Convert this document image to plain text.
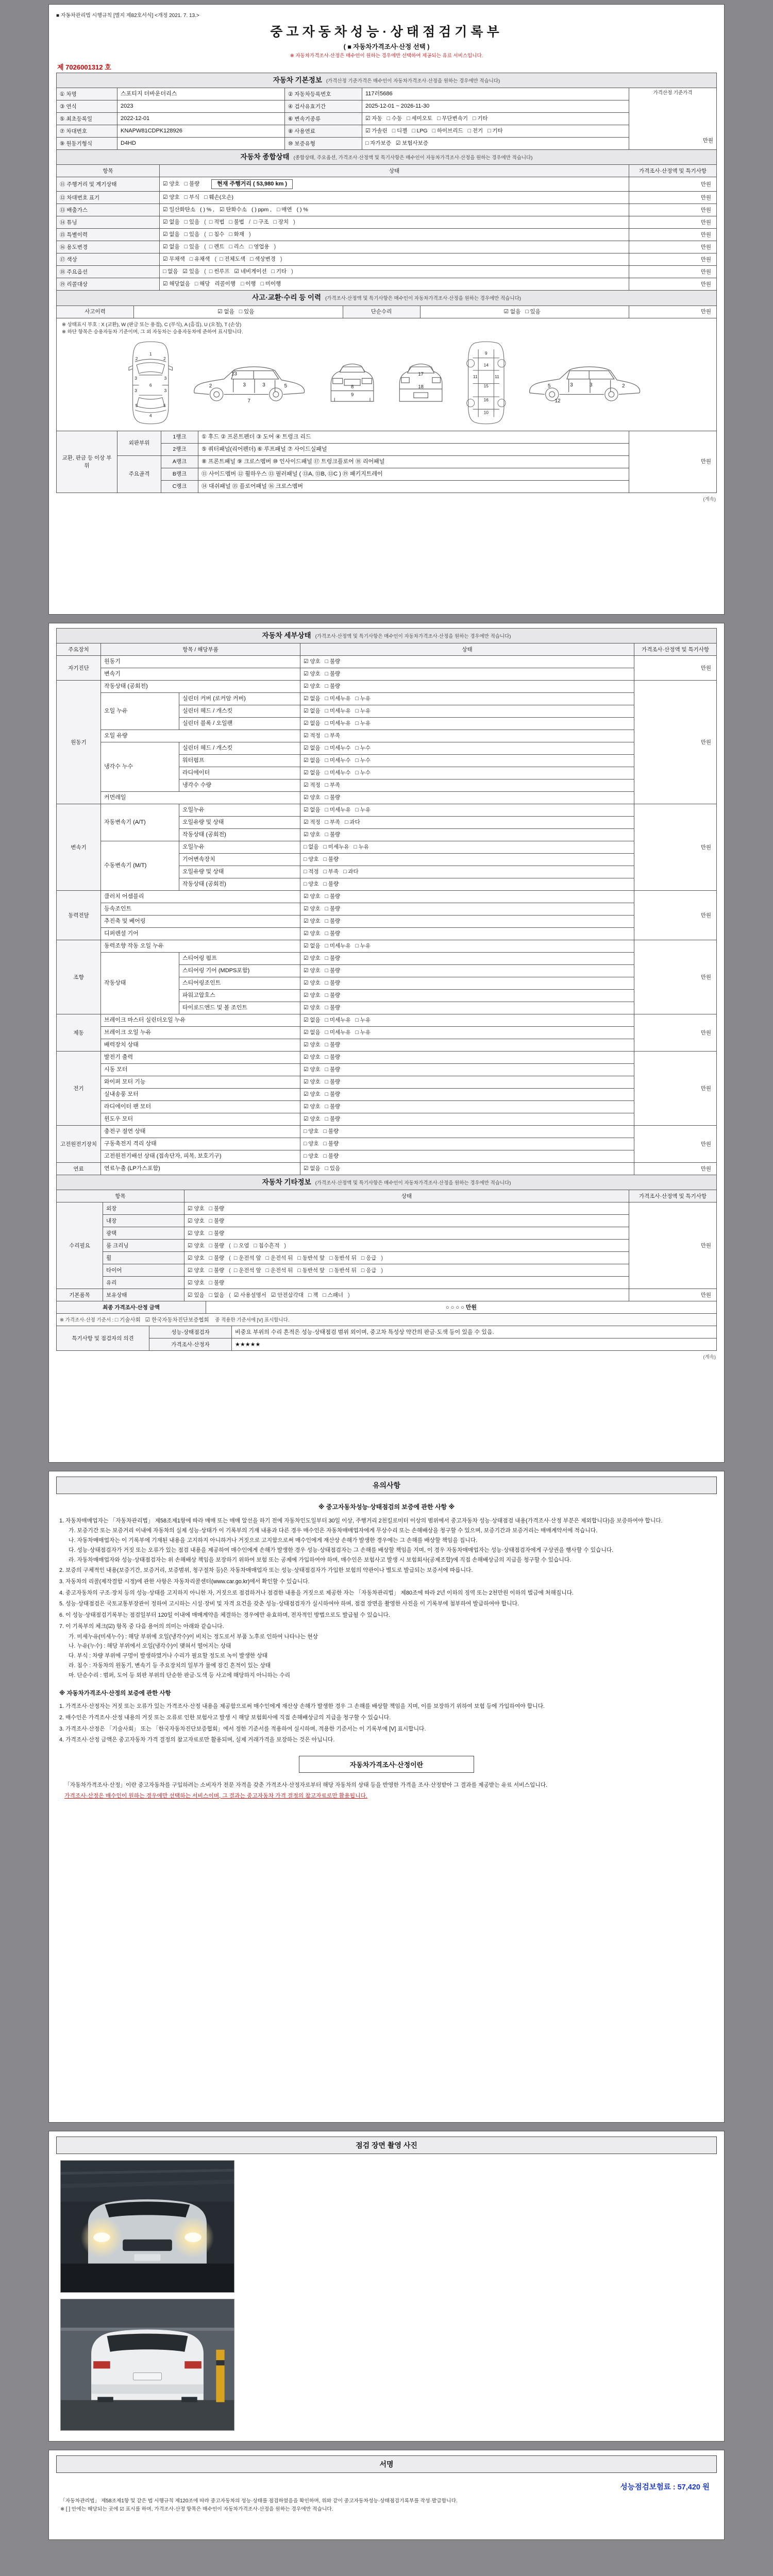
■ 자동차관리법 시행규칙 [별지 제82호서식] <개정 2021. 7. 13.>
중고자동차성능·상태점검기록부
( ■ 자동차가격조사·산정 선택 )
※ 자동차가격조사·산정은 매수인이 원하는 경우에만 선택하여 제공되는 유료 서비스입니다.
제 7026001312 호
자동차 기본정보 (가격산정 기준가격은 매수인이 자동차가격조사·산정을 원하는 경우에만 적습니다)				
① 차명	스포티지 더바운더리스	② 자동차등록번호	117러5686	가격산정 기준가격
만원

③ 연식	2023	④ 검사유효기간	2025-12-01 ~ 2026-11-30	
⑤ 최초등록일	2022-12-01	⑥ 변속기종류	☑ 자동 □ 수동 □ 세미오토 □ 무단변속기 □ 기타	
⑦ 차대번호	KNAPW81CDPK128926	⑧ 사용연료	☑ 가솔린 □ 디젤 □ LPG □ 하이브리드 □ 전기 □ 기타	
⑨ 원동기형식	D4HD	⑩ 보증유형	□ 자가보증 ☑ 보험사보증	
자동차 종합상태 (종합상태, 주요옵션, 가격조사·산정액 및 특기사항은 매수인이 자동차가격조사·산정을 원하는 경우에만 적습니다)		
항목	상태	가격조사·산정액 및 특기사항
⑪ 주행거리 및 계기상태	☑ 양호 □ 불량 현재 주행거리 ( 53,980 km )	만원
⑫ 차대번호 표기	☑ 양호 □ 부식 □ 훼손(오손)	만원
⑬ 배출가스	☑ 일산화탄소 ( ) % , ☑ 탄화수소 ( ) ppm , □ 매연 ( ) %	만원
⑭ 튜닝	☑ 없음 □ 있음 ( □ 적법 □ 불법 / □ 구조 □ 장치 )	만원
⑮ 특별이력	☑ 없음 □ 있음 ( □ 침수 □ 화재 )	만원
⑯ 용도변경	☑ 없음 □ 있음 ( □ 렌트 □ 리스 □ 영업용 )	만원
⑰ 색상	☑ 무채색 □ 유채색 ( □ 전체도색 □ 색상변경 )	만원
⑱ 주요옵션	□ 없음 ☑ 있음 ( □ 썬루프 ☑ 네비게이션 □ 기타 )	만원
⑲ 리콜대상	☑ 해당없음 □ 해당 리콜이행 □ 이행 □ 미이행	만원
사고·교환·수리 등 이력 (가격조사·산정액 및 특기사항은 매수인이 자동차가격조사·산정을 원하는 경우에만 적습니다)
사고이력	☑ 없음 □ 있음	단순수리	☑ 없음 □ 있음	만원
※ 상태표시 부호 : X (교환), W (판금 또는 용접), C (부식), A (흠집), U (요철), T (손상)
※ 하단 항목은 승용자동차 기준이며, 그 외 자동차는 승용자동차에 준하여 표시합니다.
1
2	2
3	3
3	3
6
5	5
4
2	3	3	5
7
13
8
9
17
18
9
14
11	11
15
16
10
5	3	3	2
12
교환, 판금 등 이상 부위	외판부위	1랭크	① 후드 ② 프론트펜더 ③ 도어 ④ 트렁크 리드	만원
		2랭크	⑤ 쿼터패널(리어펜더) ⑥ 루프패널 ⑦ 사이드실패널	
	주요골격	A랭크	⑧ 프론트패널 ⑨ 크로스멤버 ⑩ 인사이드패널 ⑰ 트렁크플로어 ⑱ 리어패널	
		B랭크	⑪ 사이드멤버 ⑫ 휠하우스 ⑬ 필러패널 ( ⑬A, ⑬B, ⑬C ) ⑲ 패키지트레이	
		C랭크	⑭ 대쉬패널 ⑮ 플로어패널 ⑯ 크로스멤버	
(계속)
자동차 세부상태 (가격조사·산정액 및 특기사항은 매수인이 자동차가격조사·산정을 원하는 경우에만 적습니다)				
주요장치	항목 / 해당부품		상태	가격조사·산정액 및 특기사항
자기진단	원동기		☑ 양호 □ 불량	만원
	변속기		☑ 양호 □ 불량	
원동기	작동상태 (공회전)		☑ 양호 □ 불량	만원
	오일 누유	실린더 커버 (로커암 커버)	☑ 없음 □ 미세누유 □ 누유	
		실린더 헤드 / 개스킷	☑ 없음 □ 미세누유 □ 누유	
		실린더 블록 / 오일팬	☑ 없음 □ 미세누유 □ 누유	
	오일 유량		☑ 적정 □ 부족	
	냉각수 누수	실린더 헤드 / 개스킷	☑ 없음 □ 미세누수 □ 누수	
		워터펌프	☑ 없음 □ 미세누수 □ 누수	
		라디에이터	☑ 없음 □ 미세누수 □ 누수	
		냉각수 수량	☑ 적정 □ 부족	
	커먼레일		☑ 양호 □ 불량	
변속기	자동변속기 (A/T)	오일누유	☑ 없음 □ 미세누유 □ 누유	만원
		오일유량 및 상태	☑ 적정 □ 부족 □ 과다	
		작동상태 (공회전)	☑ 양호 □ 불량	
	수동변속기 (M/T)	오일누유	□ 없음 □ 미세누유 □ 누유	
		기어변속장치	□ 양호 □ 불량	
		오일유량 및 상태	□ 적정 □ 부족 □ 과다	
		작동상태 (공회전)	□ 양호 □ 불량	
동력전달	클러치 어셈블리		☑ 양호 □ 불량	만원
	등속조인트		☑ 양호 □ 불량	
	추진축 및 베어링		☑ 양호 □ 불량	
	디퍼렌셜 기어		☑ 양호 □ 불량	
조향	동력조향 작동 오일 누유		☑ 없음 □ 미세누유 □ 누유	만원
	작동상태	스티어링 펌프	☑ 양호 □ 불량	
		스티어링 기어 (MDPS포함)	☑ 양호 □ 불량	
		스티어링조인트	☑ 양호 □ 불량	
		파워고압호스	☑ 양호 □ 불량	
		타이로드엔드 및 볼 조인트	☑ 양호 □ 불량	
제동	브레이크 마스터 실린더오일 누유		☑ 없음 □ 미세누유 □ 누유	만원
	브레이크 오일 누유		☑ 없음 □ 미세누유 □ 누유	
	배력장치 상태		☑ 양호 □ 불량	
전기	발전기 출력		☑ 양호 □ 불량	만원
	시동 모터		☑ 양호 □ 불량	
	와이퍼 모터 기능		☑ 양호 □ 불량	
	실내송풍 모터		☑ 양호 □ 불량	
	라디에이터 팬 모터		☑ 양호 □ 불량	
	윈도우 모터		☑ 양호 □ 불량	
고전원전기장치	충전구 절연 상태		□ 양호 □ 불량	만원
	구동축전지 격리 상태		□ 양호 □ 불량	
	고전원전기배선 상태 (접속단자, 피복, 보호기구)		□ 양호 □ 불량	
연료	연료누출 (LP가스포함)		☑ 없음 □ 있음	만원
자동차 기타정보 (가격조사·산정액 및 특기사항은 매수인이 자동차가격조사·산정을 원하는 경우에만 적습니다)			
항목		상태	가격조사·산정액 및 특기사항
수리필요	외장	☑ 양호 □ 불량	만원
	내장	☑ 양호 □ 불량	
	광택	☑ 양호 □ 불량	
	룸 크리닝	☑ 양호 □ 불량 ( □ 오염 □ 침수흔적 )	
	휠	☑ 양호 □ 불량 ( □ 운전석 앞 □ 운전석 뒤 □ 동반석 앞 □ 동반석 뒤 □ 응급 )	
	타이어	☑ 양호 □ 불량 ( □ 운전석 앞 □ 운전석 뒤 □ 동반석 앞 □ 동반석 뒤 □ 응급 )	
	유리	☑ 양호 □ 불량	
기본품목	보유상태	☑ 있음 □ 없음 ( ☑ 사용설명서 ☑ 안전삼각대 □ 잭 □ 스패너 )	만원
최종 가격조사·산정 금액	○ ○ ○ ○ 만원
※ 가격조사·산정 기준서 : □ 기술사회 ☑ 한국자동차진단보증협회 중 적용한 기준서에 [V] 표시합니다.
특기사항 및 점검자의 의견	성능·상태점검자	비중요 부위의 수리 흔적은 성능·상태점검 범위 외이며, 중고차 특성상 약간의 판금·도색 등이 있을 수 있음.
	가격조사·산정자	★★★★★
(계속)
유의사항
※ 중고자동차성능·상태점검의 보증에 관한 사항 ※
1. 자동차매매업자는 「자동차관리법」 제58조제1항에 따라 매매 또는 매매 알선을 하기 전에 자동차인도일부터 30일 이상, 주행거리 2천킬로미터 이상의 범위에서 중고자동차 성능·상태점검 내용(가격조사·산정 부분은 제외합니다)을 보증하여야 합니다.
가. 보증기간 또는 보증거리 이내에 자동차의 실제 성능·상태가 이 기록부의 기재 내용과 다른 경우 매수인은 자동차매매업자에게 무상수리 또는 손해배상을 청구할 수 있으며, 보증기간과 보증거리는 매매계약서에 적습니다.
나. 자동차매매업자는 이 기록부에 기재된 내용을 고지하지 아니하거나 거짓으로 고지함으로써 매수인에게 재산상 손해가 발생한 경우에는 그 손해를 배상할 책임을 집니다.
다. 성능·상태점검자가 거짓 또는 오류가 있는 점검 내용을 제공하여 매수인에게 손해가 발생한 경우 성능·상태점검자는 그 손해를 배상할 책임을 지며, 이 경우 자동차매매업자는 성능·상태점검자에게 구상권을 행사할 수 있습니다.
라. 자동차매매업자와 성능·상태점검자는 위 손해배상 책임을 보장하기 위하여 보험 또는 공제에 가입하여야 하며, 매수인은 보험사고 발생 시 보험회사(공제조합)에 직접 손해배상금의 지급을 청구할 수 있습니다.
2. 보증의 구체적인 내용(보증기간, 보증거리, 보증범위, 청구절차 등)은 자동차매매업자 또는 성능·상태점검자가 가입한 보험의 약관이나 별도로 발급되는 보증서에 따릅니다.
3. 자동차의 리콜(제작결함 시정)에 관한 사항은 자동차리콜센터(www.car.go.kr)에서 확인할 수 있습니다.
4. 중고자동차의 구조·장치 등의 성능·상태를 고지하지 아니한 자, 거짓으로 점검하거나 점검한 내용을 거짓으로 제공한 자는 「자동차관리법」 제80조에 따라 2년 이하의 징역 또는 2천만원 이하의 벌금에 처해집니다.
5. 성능·상태점검은 국토교통부장관이 정하여 고시하는 시설·장비 및 자격 요건을 갖춘 성능·상태점검자가 실시하여야 하며, 점검 장면을 촬영한 사진을 이 기록부에 첨부하여 발급하여야 합니다.
6. 이 성능·상태점검기록부는 점검일부터 120일 이내에 매매계약을 체결하는 경우에만 유효하며, 전자적인 방법으로도 발급될 수 있습니다.
7. 이 기록부의 체크(☑) 항목 중 다음 용어의 의미는 아래와 같습니다.
가. 미세누유(미세누수) : 해당 부위에 오일(냉각수)이 비치는 정도로서 부품 노후로 인하여 나타나는 현상
나. 누유(누수) : 해당 부위에서 오일(냉각수)이 맺혀서 떨어지는 상태
다. 부식 : 차량 부위에 구멍이 발생하였거나 수리가 필요할 정도로 녹이 발생한 상태
라. 침수 : 자동차의 원동기, 변속기 등 주요장치의 일부가 물에 잠긴 흔적이 있는 상태
마. 단순수리 : 범퍼, 도어 등 외판 부위의 단순한 판금·도색 등 사고에 해당하지 아니하는 수리
※ 자동차가격조사·산정의 보증에 관한 사항
1. 가격조사·산정자는 거짓 또는 오류가 있는 가격조사·산정 내용을 제공함으로써 매수인에게 재산상 손해가 발생한 경우 그 손해를 배상할 책임을 지며, 이를 보장하기 위하여 보험 등에 가입하여야 합니다.
2. 매수인은 가격조사·산정 내용의 거짓 또는 오류로 인한 보험사고 발생 시 해당 보험회사에 직접 손해배상금의 지급을 청구할 수 있습니다.
3. 가격조사·산정은 「기술사회」 또는 「한국자동차진단보증협회」에서 정한 기준서를 적용하여 실시하며, 적용한 기준서는 이 기록부에 [V] 표시합니다.
4. 가격조사·산정 금액은 중고자동차 가격 결정의 참고자료로만 활용되며, 실제 거래가격을 보장하는 것은 아닙니다.
자동차가격조사·산정이란
「자동차가격조사·산정」이란 중고자동차를 구입하려는 소비자가 전문 자격을 갖춘 가격조사·산정자로부터 해당 자동차의 상태 등을 반영한 가격을 조사·산정받아 그 결과를 제공받는 유료 서비스입니다.
가격조사·산정은 매수인이 원하는 경우에만 선택하는 서비스이며, 그 결과는 중고자동차 가격 결정의 참고자료로만 활용됩니다.
점검 장면 촬영 사진
서명
성능점검보험료 : 57,420 원
「자동차관리법」 제58조제1항 및 같은 법 시행규칙 제120조에 따라 중고자동차의 성능·상태를 점검하였음을 확인하며, 위와 같이 중고자동차성능·상태점검기록부를 작성·발급합니다.
※ [ ] 안에는 해당되는 곳에 ☑ 표시를 하며, 가격조사·산정 항목은 매수인이 자동차가격조사·산정을 원하는 경우에만 적습니다.
